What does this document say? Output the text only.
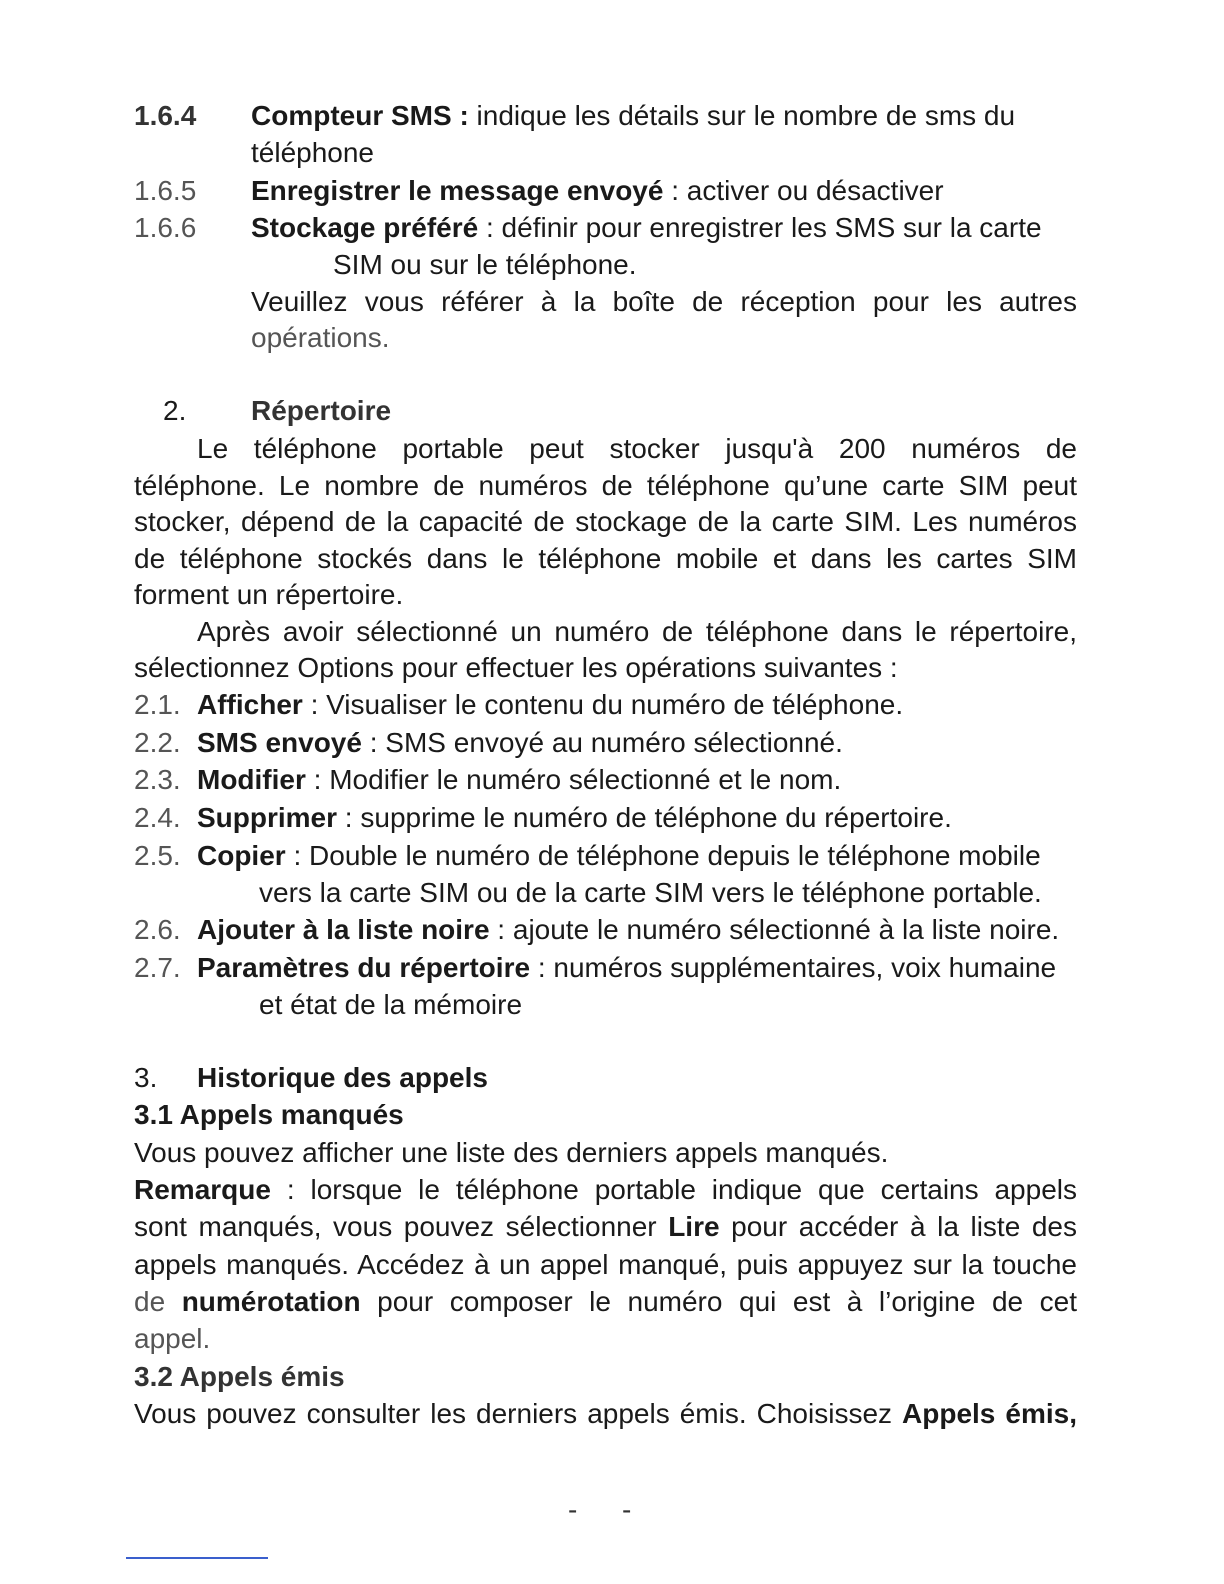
1.6.4 Compteur SMS : indique les détails sur le nombre de sms du
téléphone
1.6.5 Enregistrer le message envoyé : activer ou désactiver
1.6.6 Stockage préféré : définir pour enregistrer les SMS sur la carte
SIM ou sur le téléphone.
Veuillez vous référer à la boîte de réception pour les autres
opérations.
2. Répertoire
Le téléphone portable peut stocker jusqu'à 200 numéros de
téléphone. Le nombre de numéros de téléphone qu’une carte SIM peut
stocker, dépend de la capacité de stockage de la carte SIM. Les numéros
de téléphone stockés dans le téléphone mobile et dans les cartes SIM
forment un répertoire.
Après avoir sélectionné un numéro de téléphone dans le répertoire,
sélectionnez Options pour effectuer les opérations suivantes :
2.1. Afficher : Visualiser le contenu du numéro de téléphone.
2.2. SMS envoyé : SMS envoyé au numéro sélectionné.
2.3. Modifier : Modifier le numéro sélectionné et le nom.
2.4. Supprimer : supprime le numéro de téléphone du répertoire.
2.5. Copier : Double le numéro de téléphone depuis le téléphone mobile
vers la carte SIM ou de la carte SIM vers le téléphone portable.
2.6. Ajouter à la liste noire : ajoute le numéro sélectionné à la liste noire.
2.7. Paramètres du répertoire : numéros supplémentaires, voix humaine
et état de la mémoire
3. Historique des appels
3.1 Appels manqués
Vous pouvez afficher une liste des derniers appels manqués.
Remarque : lorsque le téléphone portable indique que certains appels
sont manqués, vous pouvez sélectionner Lire pour accéder à la liste des
appels manqués. Accédez à un appel manqué, puis appuyez sur la touche
de numérotation pour composer le numéro qui est à l’origine de cet
appel.
3.2 Appels émis
Vous pouvez consulter les derniers appels émis. Choisissez Appels émis,
- -
